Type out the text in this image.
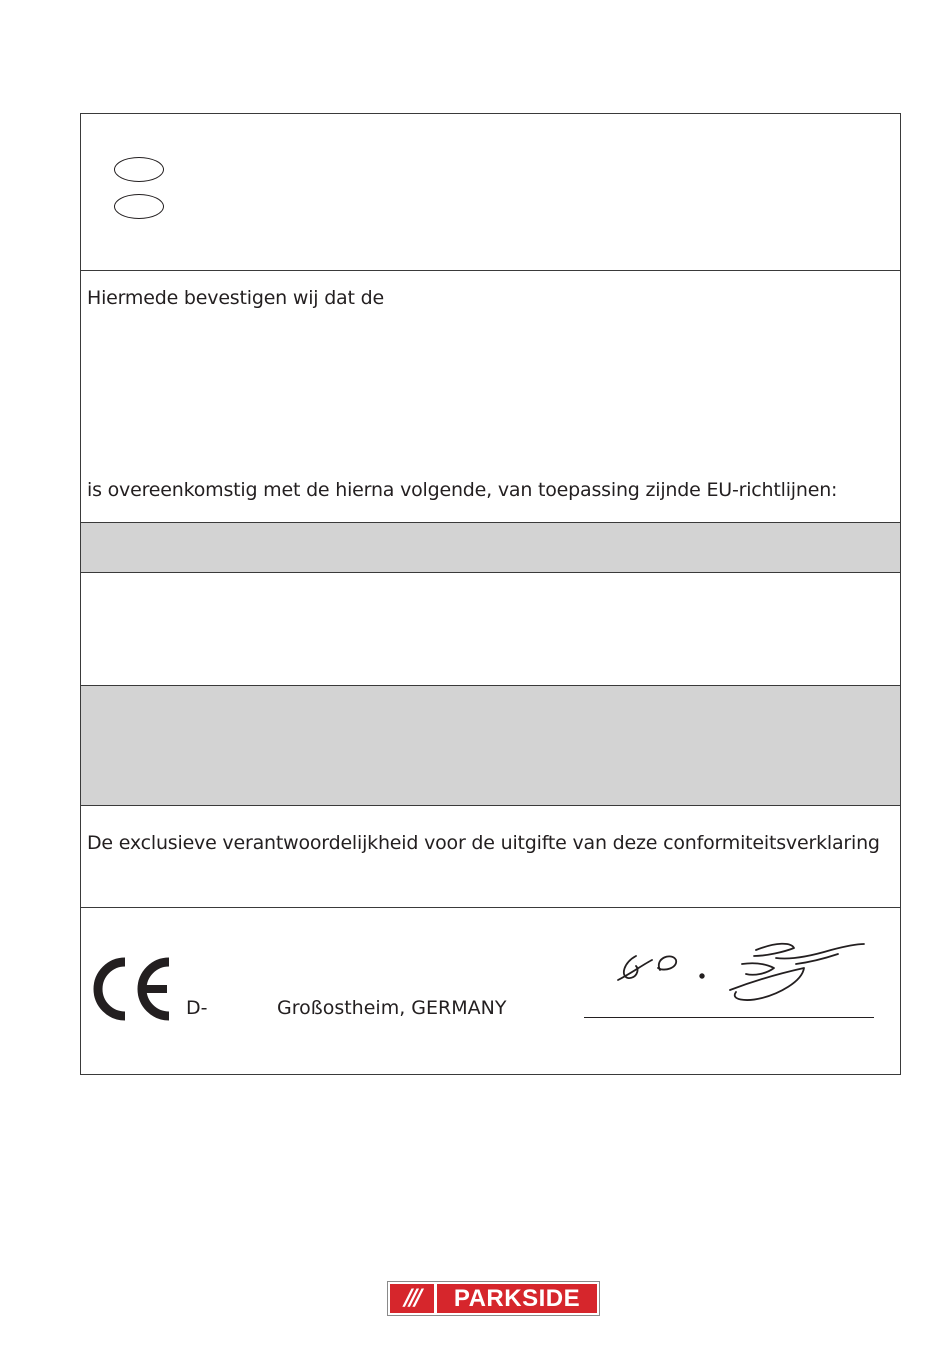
Hiermede bevestigen wij dat de
is overeenkomstig met de hierna volgende, van toepassing zijnde EU-richtlijnen:
De exclusieve verantwoordelijkheid voor de uitgifte van deze conformiteitsverklaring
D-	Großostheim, GERMANY
///	PARKSIDE
